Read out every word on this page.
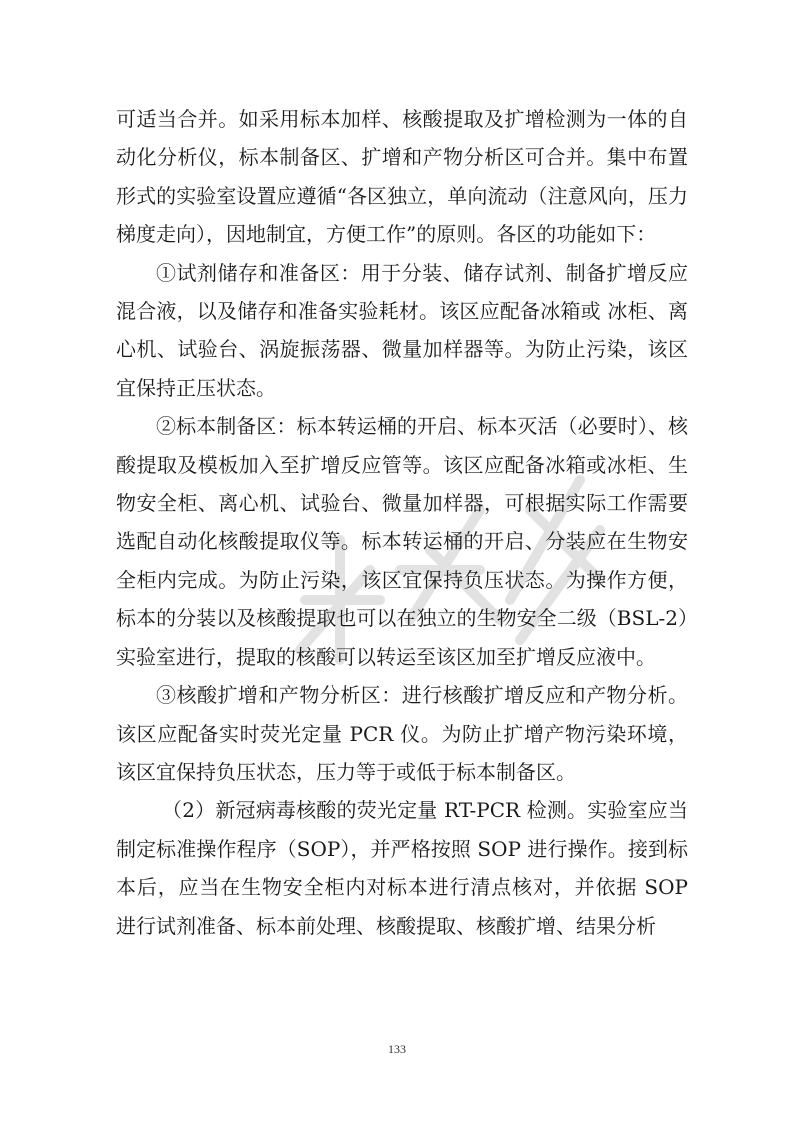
可适当合并。如采用标本加样、核酸提取及扩增检测为一体的自动化分析仪，标本制备区、扩增和产物分析区可合并。集中布置形式的实验室设置应遵循“各区独立，单向流动（注意风向，压力梯度走向），因地制宜，方便工作”的原则。各区的功能如下：

①试剂储存和准备区：用于分装、储存试剂、制备扩增反应混合液，以及储存和准备实验耗材。该区应配备冰箱或 冰柜、离心机、试验台、涡旋振荡器、微量加样器等。为防止污染，该区宜保持正压状态。

②标本制备区：标本转运桶的开启、标本灭活（必要时）、核酸提取及模板加入至扩增反应管等。该区应配备冰箱或冰柜、生物安全柜、离心机、试验台、微量加样器，可根据实际工作需要选配自动化核酸提取仪等。标本转运桶的开启、分装应在生物安全柜内完成。为防止污染，该区宜保持负压状态。为操作方便，标本的分装以及核酸提取也可以在独立的生物安全二级（BSL-2）实验室进行，提取的核酸可以转运至该区加至扩增反应液中。

③核酸扩增和产物分析区：进行核酸扩增反应和产物分析。该区应配备实时荧光定量 PCR 仪。为防止扩增产物污染环境，该区宜保持负压状态，压力等于或低于标本制备区。

（2）新冠病毒核酸的荧光定量 RT-PCR 检测。实验室应当制定标准操作程序（SOP），并严格按照 SOP 进行操作。接到标本后，应当在生物安全柜内对标本进行清点核对，并依据 SOP 进行试剂准备、标本前处理、核酸提取、核酸扩增、结果分析

133
